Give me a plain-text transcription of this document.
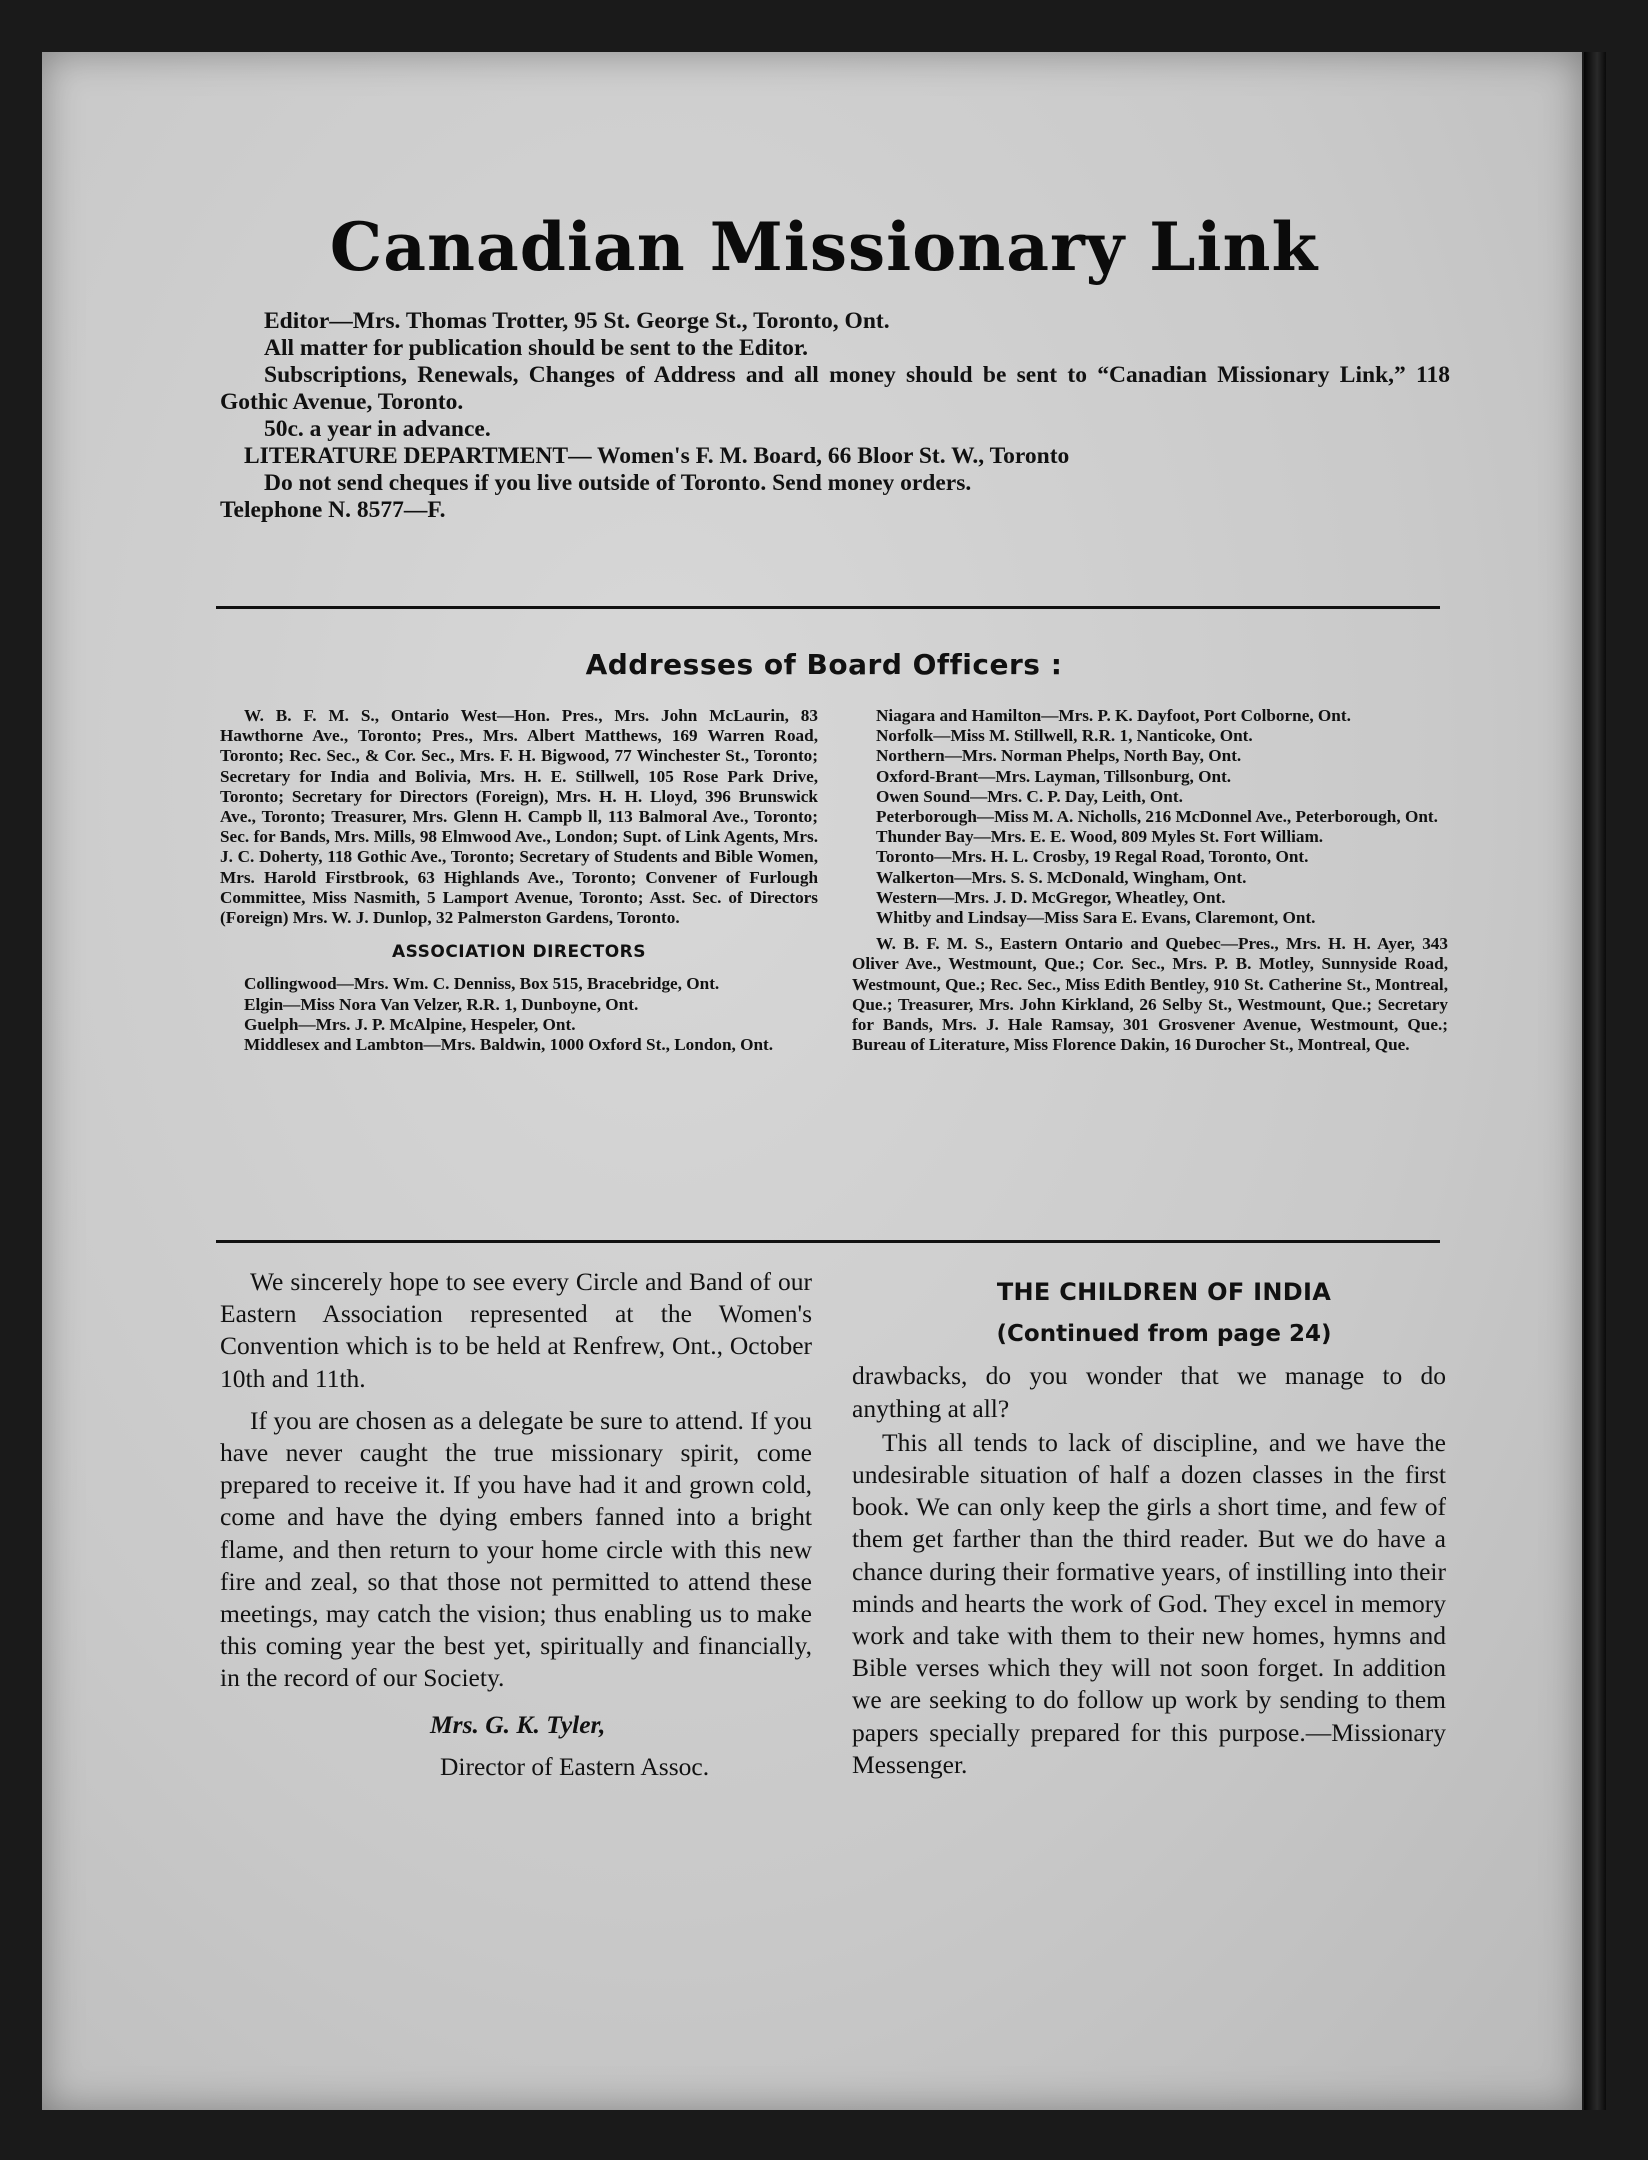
Canadian Missionary Link

Editor—Mrs. Thomas Trotter, 95 St. George St., Toronto, Ont.

All matter for publication should be sent to the Editor.

Subscriptions, Renewals, Changes of Address and all money should be sent to “Canadian Missionary Link,” 118 Gothic Avenue, Toronto.

50c. a year in advance.

LITERATURE DEPARTMENT— Women's F. M. Board, 66 Bloor St. W., Toronto

Do not send cheques if you live outside of Toronto. Send money orders.

Telephone N. 8577—F.

Addresses of Board Officers :

W. B. F. M. S., Ontario West—Hon. Pres., Mrs. John McLaurin, 83 Hawthorne Ave., Toronto; Pres., Mrs. Albert Matthews, 169 Warren Road, Toronto; Rec. Sec., & Cor. Sec., Mrs. F. H. Bigwood, 77 Winchester St., Toronto; Secretary for India and Bolivia, Mrs. H. E. Stillwell, 105 Rose Park Drive, Toronto; Secretary for Directors (Foreign), Mrs. H. H. Lloyd, 396 Brunswick Ave., Toronto; Treasurer, Mrs. Glenn H. Campb ll, 113 Balmoral Ave., Toronto; Sec. for Bands, Mrs. Mills, 98 Elmwood Ave., London; Supt. of Link Agents, Mrs. J. C. Doherty, 118 Gothic Ave., Toronto; Secretary of Students and Bible Women, Mrs. Harold Firstbrook, 63 Highlands Ave., Toronto; Convener of Furlough Committee, Miss Nasmith, 5 Lamport Avenue, Toronto; Asst. Sec. of Directors (Foreign) Mrs. W. J. Dunlop, 32 Palmerston Gardens, Toronto.

ASSOCIATION DIRECTORS

Collingwood—Mrs. Wm. C. Denniss, Box 515, Bracebridge, Ont.

Elgin—Miss Nora Van Velzer, R.R. 1, Dunboyne, Ont.

Guelph—Mrs. J. P. McAlpine, Hespeler, Ont.

Middlesex and Lambton—Mrs. Baldwin, 1000 Oxford St., London, Ont.

Niagara and Hamilton—Mrs. P. K. Dayfoot, Port Colborne, Ont.

Norfolk—Miss M. Stillwell, R.R. 1, Nanticoke, Ont.

Northern—Mrs. Norman Phelps, North Bay, Ont.

Oxford-Brant—Mrs. Layman, Tillsonburg, Ont.

Owen Sound—Mrs. C. P. Day, Leith, Ont.

Peterborough—Miss M. A. Nicholls, 216 McDonnel Ave., Peterborough, Ont.

Thunder Bay—Mrs. E. E. Wood, 809 Myles St. Fort William.

Toronto—Mrs. H. L. Crosby, 19 Regal Road, Toronto, Ont.

Walkerton—Mrs. S. S. McDonald, Wingham, Ont.

Western—Mrs. J. D. McGregor, Wheatley, Ont.

Whitby and Lindsay—Miss Sara E. Evans, Claremont, Ont.

W. B. F. M. S., Eastern Ontario and Quebec—Pres., Mrs. H. H. Ayer, 343 Oliver Ave., Westmount, Que.; Cor. Sec., Mrs. P. B. Motley, Sunnyside Road, Westmount, Que.; Rec. Sec., Miss Edith Bentley, 910 St. Catherine St., Montreal, Que.; Treasurer, Mrs. John Kirkland, 26 Selby St., Westmount, Que.; Secretary for Bands, Mrs. J. Hale Ramsay, 301 Grosvener Avenue, Westmount, Que.; Bureau of Literature, Miss Florence Dakin, 16 Durocher St., Montreal, Que.

We sincerely hope to see every Circle and Band of our Eastern Association represented at the Women's Convention which is to be held at Renfrew, Ont., October 10th and 11th.

If you are chosen as a delegate be sure to attend. If you have never caught the true missionary spirit, come prepared to receive it. If you have had it and grown cold, come and have the dying embers fanned into a bright flame, and then return to your home circle with this new fire and zeal, so that those not permitted to attend these meetings, may catch the vision; thus enabling us to make this coming year the best yet, spiritually and financially, in the record of our Society.

Mrs. G. K. Tyler,

Director of Eastern Assoc.

THE CHILDREN OF INDIA

(Continued from page 24)

drawbacks, do you wonder that we manage to do anything at all?

This all tends to lack of discipline, and we have the undesirable situation of half a dozen classes in the first book. We can only keep the girls a short time, and few of them get farther than the third reader. But we do have a chance during their formative years, of instilling into their minds and hearts the work of God. They excel in memory work and take with them to their new homes, hymns and Bible verses which they will not soon forget. In addition we are seeking to do follow up work by sending to them papers specially prepared for this purpose.—Missionary Messenger.
